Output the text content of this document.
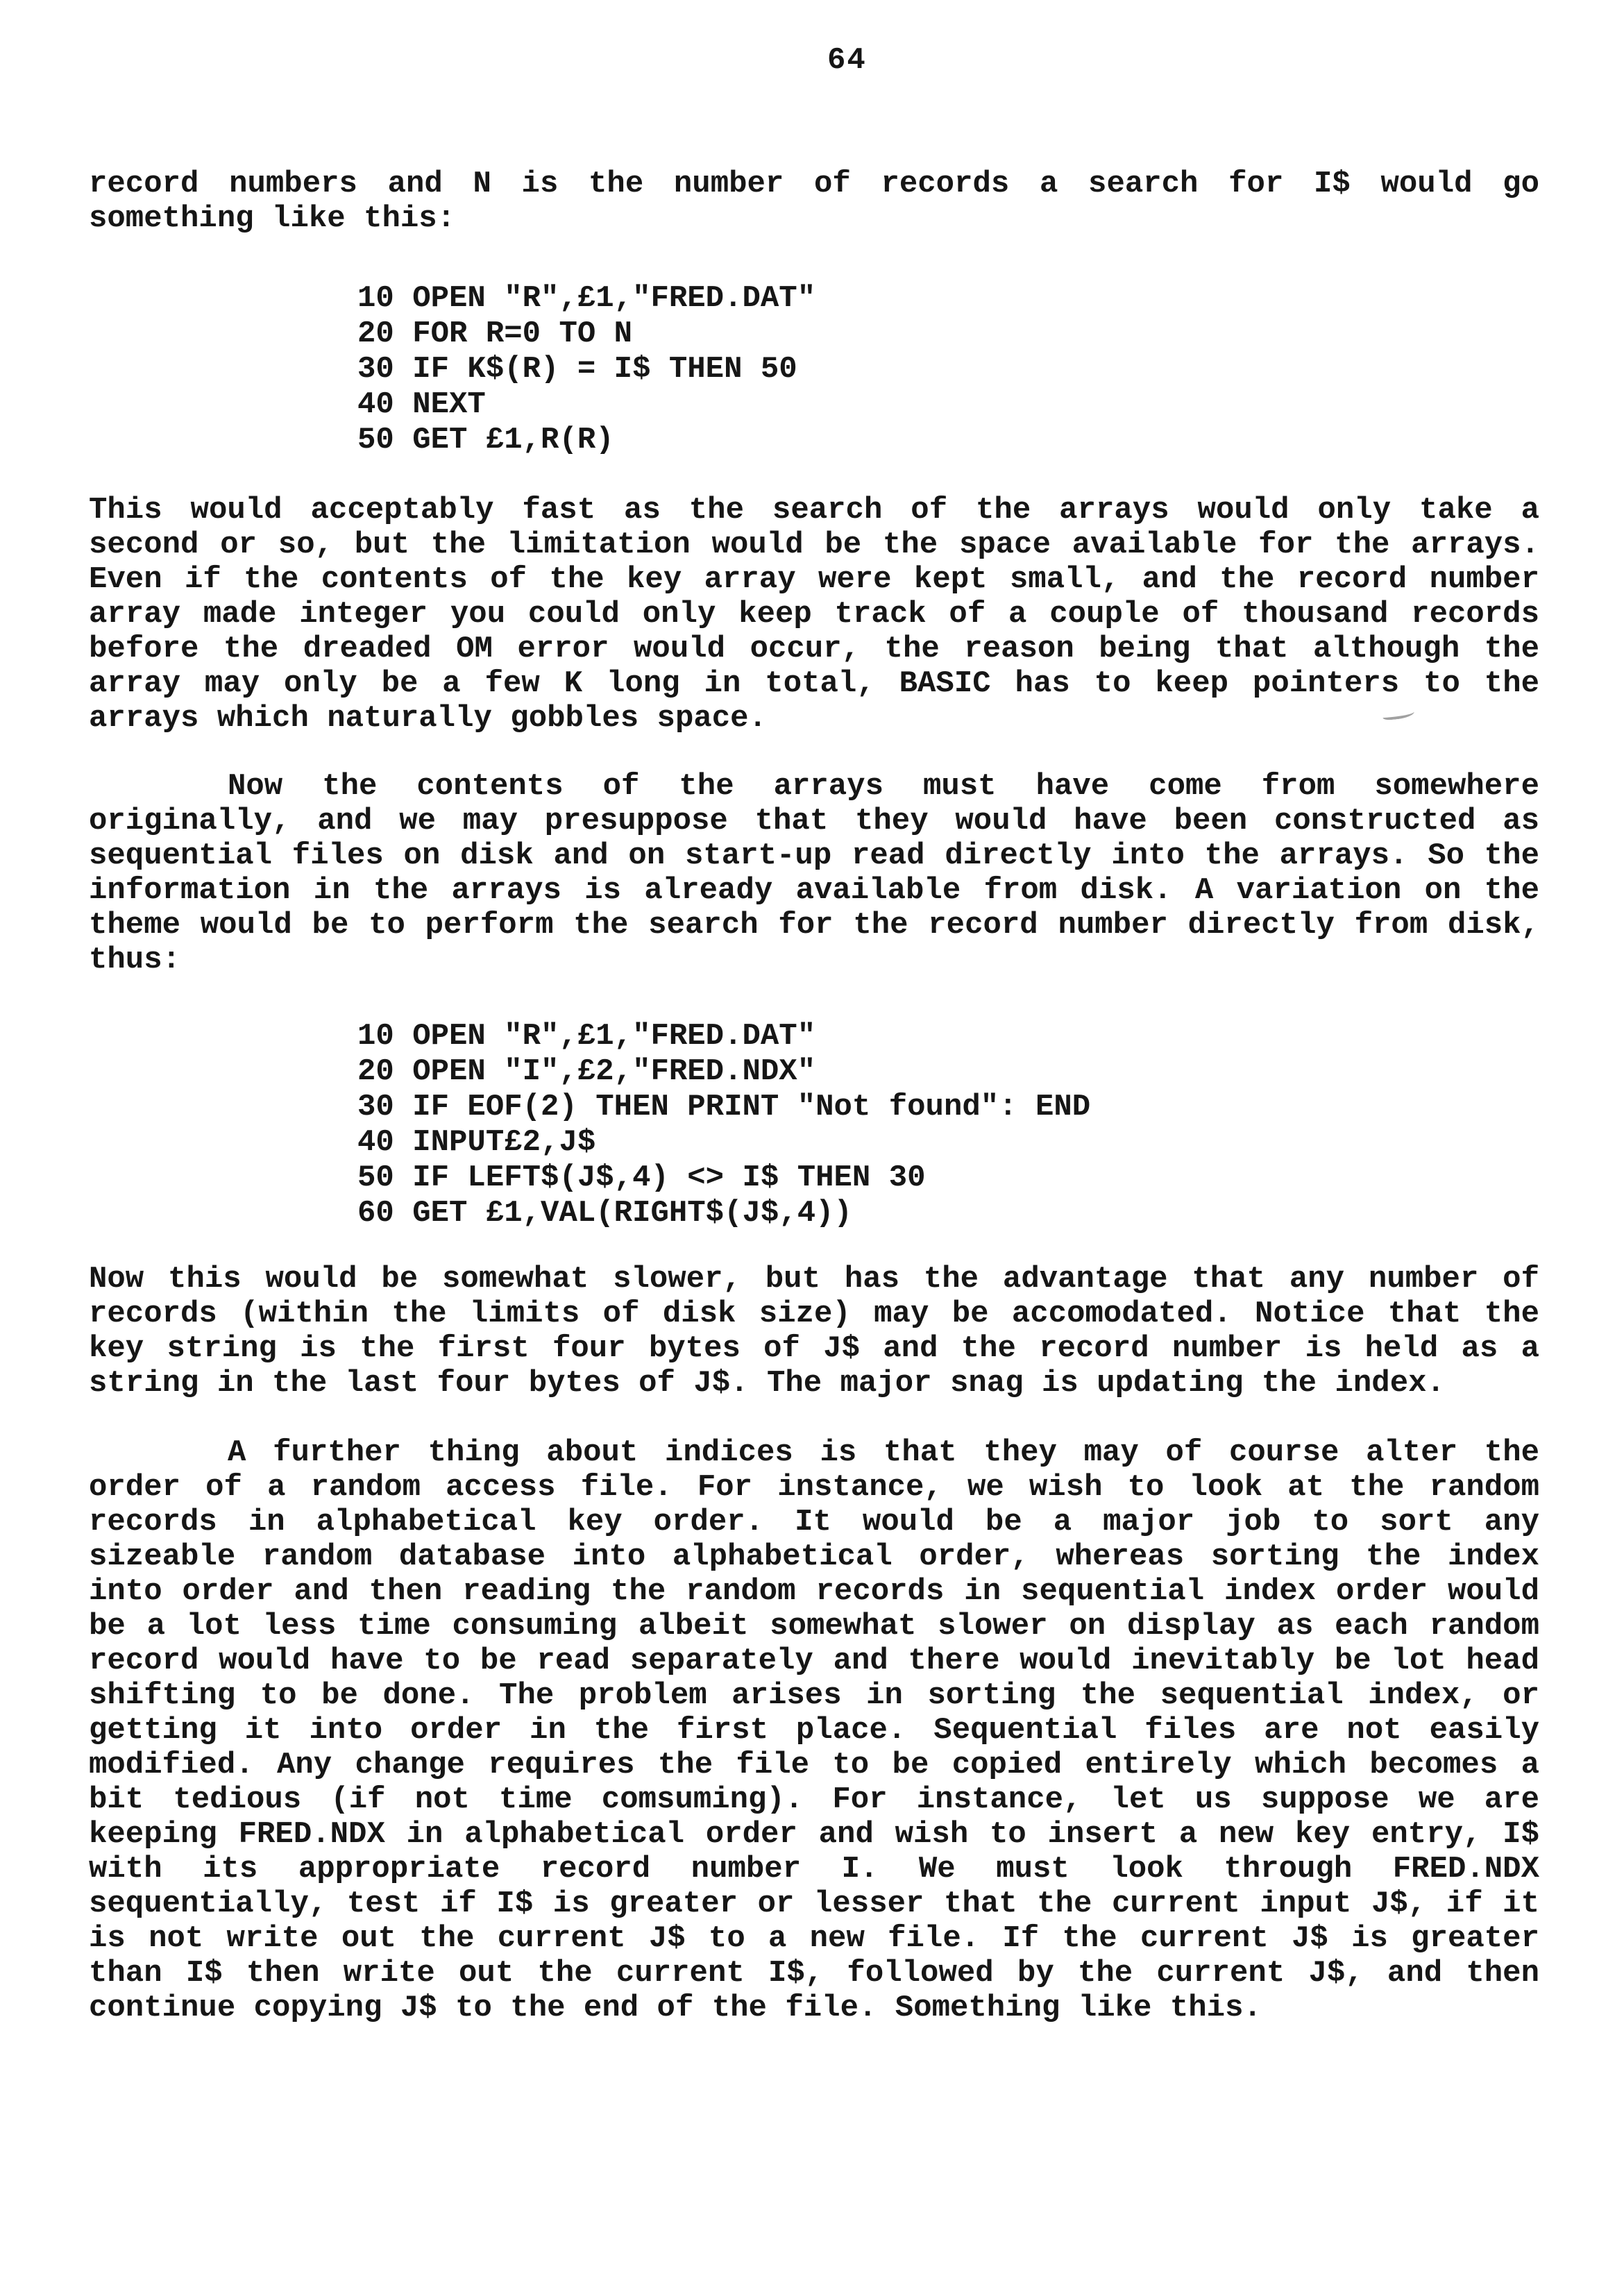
64
record numbers and N is the number of records a search for I$ would go
something like this:
10 OPEN "R",£1,"FRED.DAT"
20 FOR R=0 TO N
30 IF K$(R) = I$ THEN 50
40 NEXT
50 GET £1,R(R)
This would acceptably fast as the search of the arrays would only take a
second or so, but the limitation would be the space available for the arrays.
Even if the contents of the key array were kept small, and the record number
array made integer you could only keep track of a couple of thousand records
before the dreaded OM error would occur, the reason being that although the
array may only be a few K long in total, BASIC has to keep pointers to the
arrays which naturally gobbles space.
Now the contents of the arrays must have come from somewhere
originally, and we may presuppose that they would have been constructed as
sequential files on disk and on start-up read directly into the arrays. So the
information in the arrays is already available from disk. A variation on the
theme would be to perform the search for the record number directly from disk,
thus:
10 OPEN "R",£1,"FRED.DAT"
20 OPEN "I",£2,"FRED.NDX"
30 IF EOF(2) THEN PRINT "Not found": END
40 INPUT£2,J$
50 IF LEFT$(J$,4) <> I$ THEN 30
60 GET £1,VAL(RIGHT$(J$,4))
Now this would be somewhat slower, but has the advantage that any number of
records (within the limits of disk size) may be accomodated. Notice that the
key string is the first four bytes of J$ and the record number is held as a
string in the last four bytes of J$. The major snag is updating the index.
A further thing about indices is that they may of course alter the
order of a random access file. For instance, we wish to look at the random
records in alphabetical key order. It would be a major job to sort any
sizeable random database into alphabetical order, whereas sorting the index
into order and then reading the random records in sequential index order would
be a lot less time consuming albeit somewhat slower on display as each random
record would have to be read separately and there would inevitably be lot head
shifting to be done. The problem arises in sorting the sequential index, or
getting it into order in the first place. Sequential files are not easily
modified. Any change requires the file to be copied entirely which becomes a
bit tedious (if not time comsuming). For instance, let us suppose we are
keeping FRED.NDX in alphabetical order and wish to insert a new key entry, I$
with its appropriate record number I. We must look through FRED.NDX
sequentially, test if I$ is greater or lesser that the current input J$, if it
is not write out the current J$ to a new file. If the current J$ is greater
than I$ then write out the current I$, followed by the current J$, and then
continue copying J$ to the end of the file. Something like this.
